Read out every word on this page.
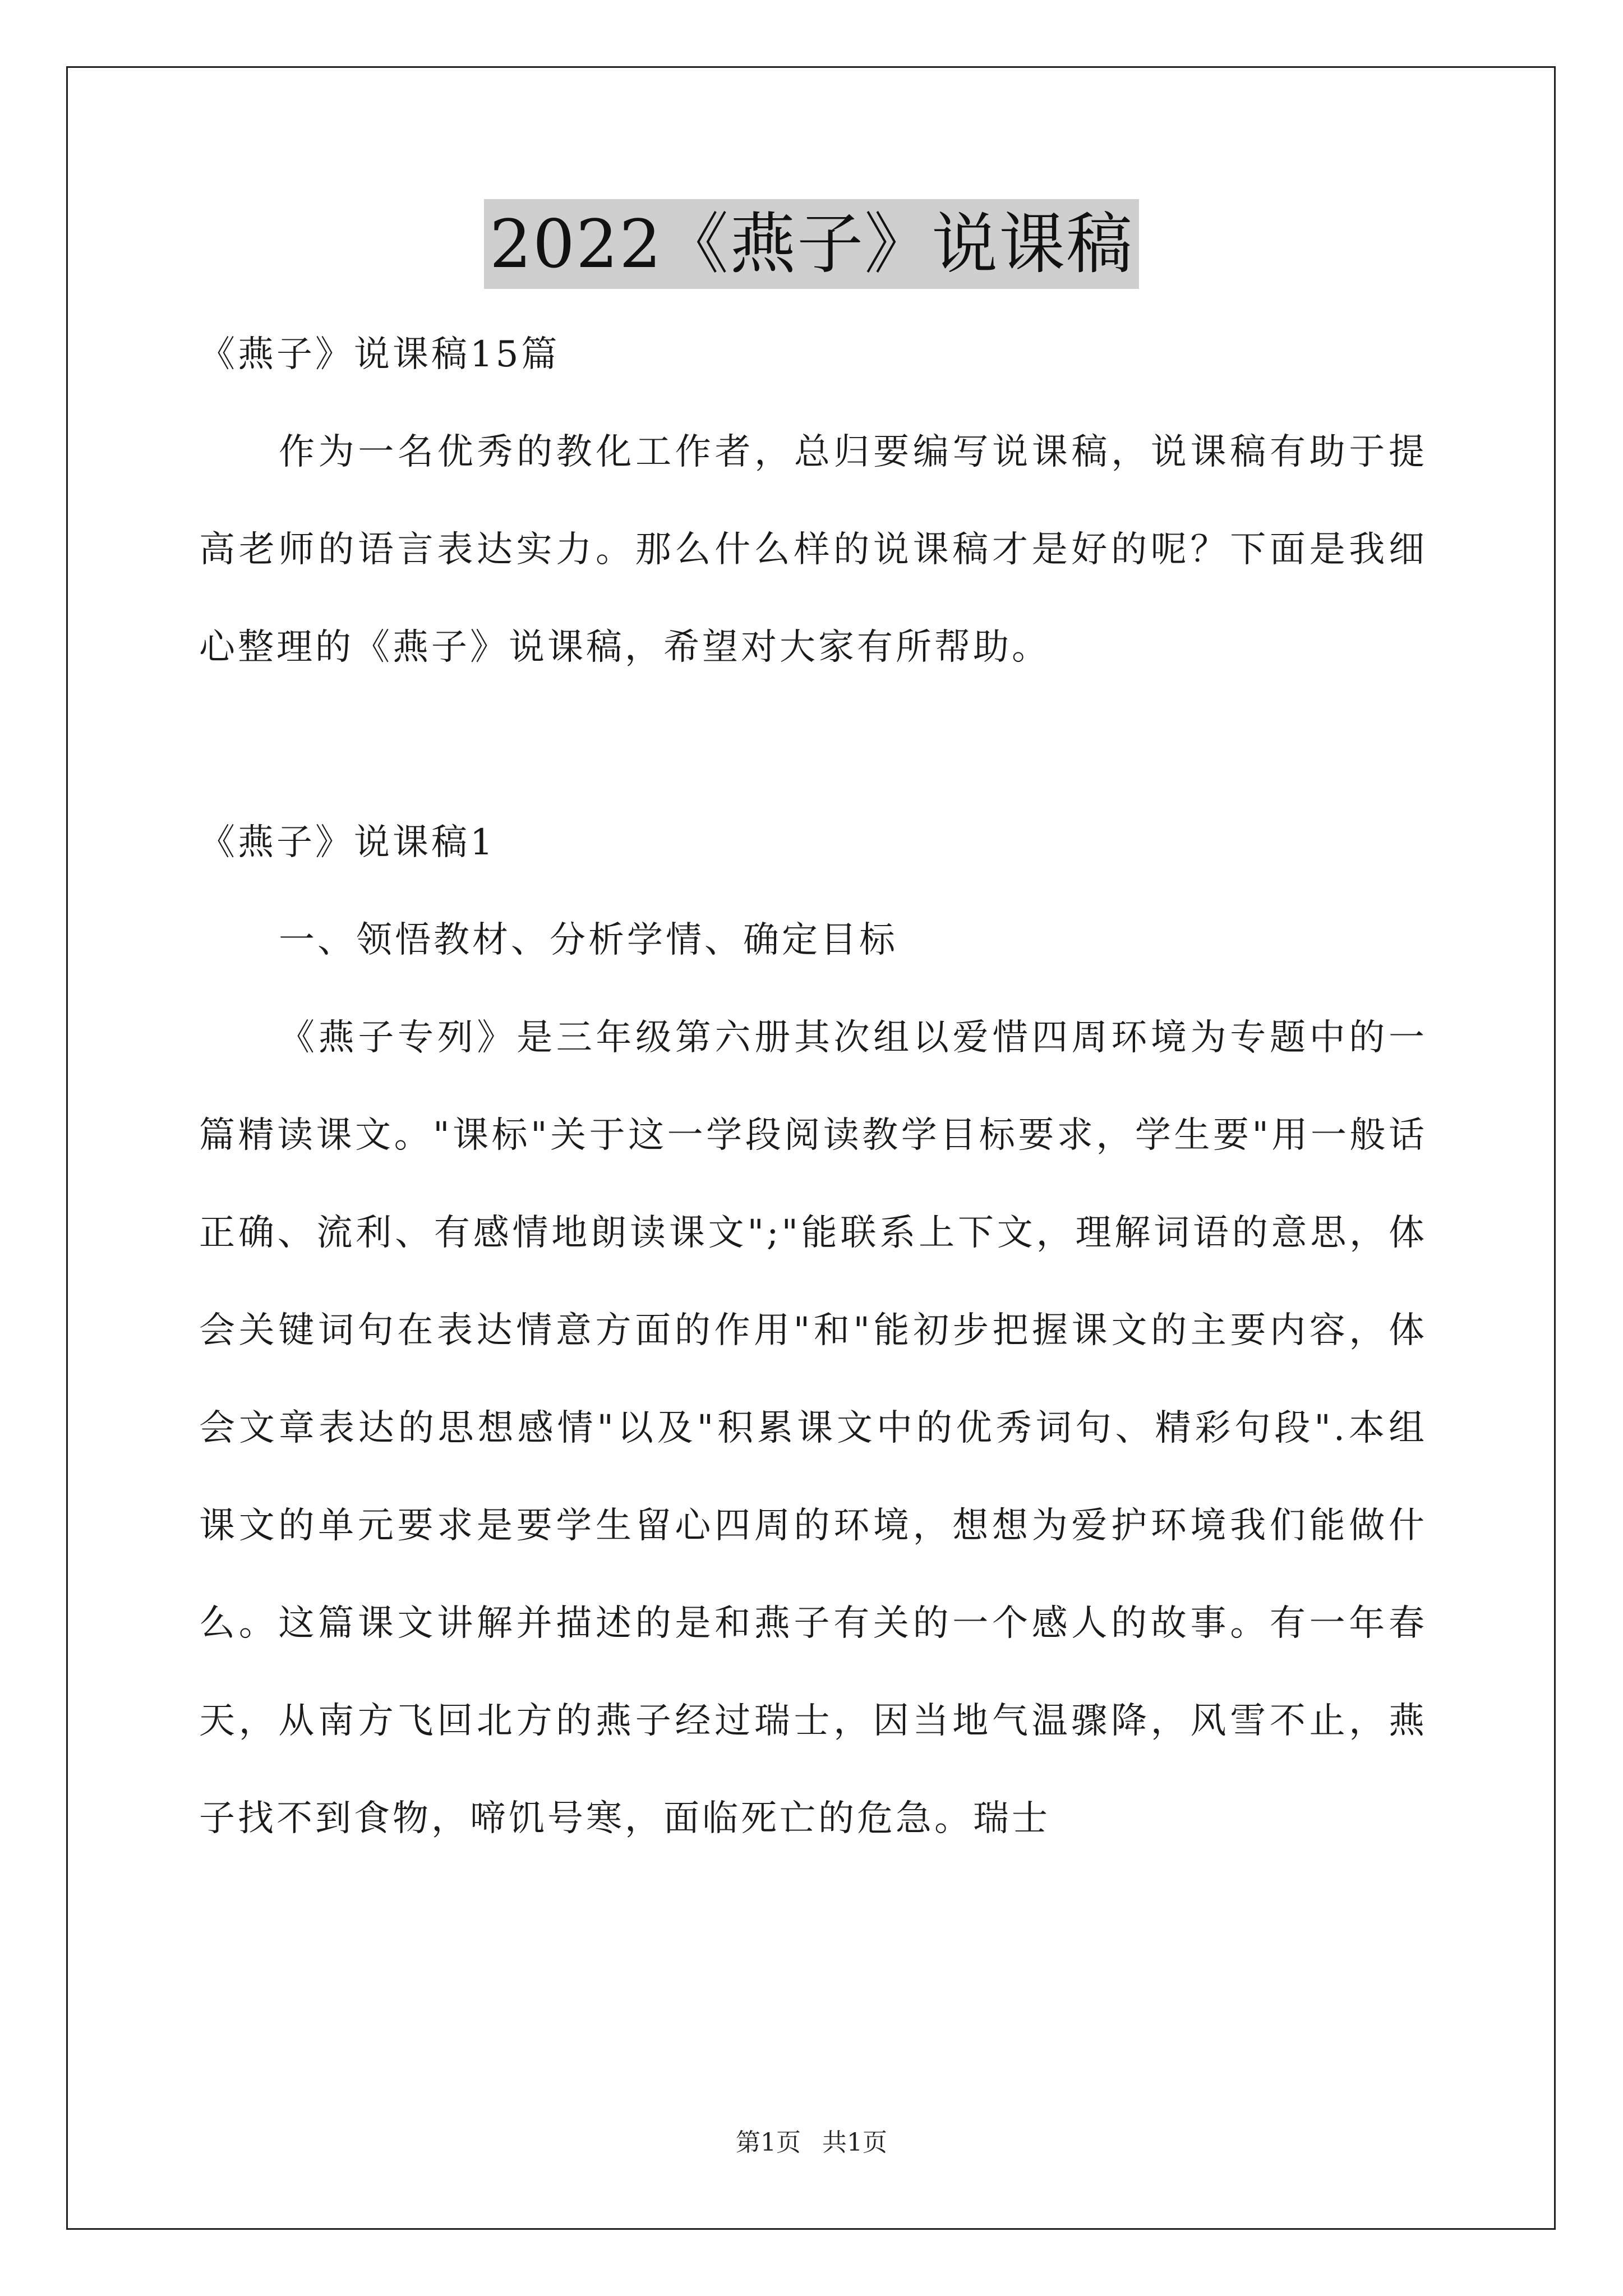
2022《燕子》说课稿

《燕子》说课稿15篇

作为一名优秀的教化工作者，总归要编写说课稿，说课稿有助于提高老师的语言表达实力。那么什么样的说课稿才是好的呢？下面是我细心整理的《燕子》说课稿，希望对大家有所帮助。

《燕子》说课稿1

一、领悟教材、分析学情、确定目标

《燕子专列》是三年级第六册其次组以爱惜四周环境为专题中的一篇精读课文。"课标"关于这一学段阅读教学目标要求，学生要"用一般话正确、流利、有感情地朗读课文";"能联系上下文，理解词语的意思，体会关键词句在表达情意方面的作用"和"能初步把握课文的主要内容，体会文章表达的思想感情"以及"积累课文中的优秀词句、精彩句段".本组课文的单元要求是要学生留心四周的环境，想想为爱护环境我们能做什么。这篇课文讲解并描述的是和燕子有关的一个感人的故事。有一年春天，从南方飞回北方的燕子经过瑞士，因当地气温骤降，风雪不止，燕子找不到食物，啼饥号寒，面临死亡的危急。瑞士

第1页 共1页
